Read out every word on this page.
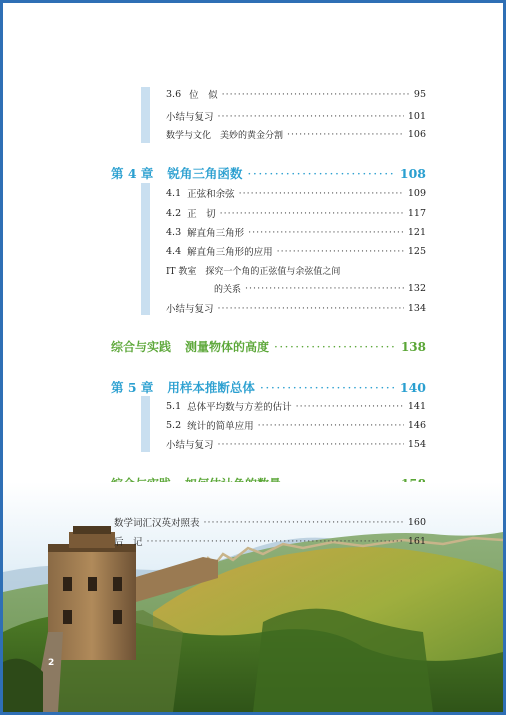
3.6 位　似 ·····	95
小结与复习 ·····	101
数学与文化　美妙的黄金分割 ·····	106
第 4 章 锐角三角函数 ·····	108
4.1 正弦和余弦 ·····	109
4.2 正　切 ·····	117
4.3 解直角三角形 ·····	121
4.4 解直角三角形的应用 ·····	125
IT 教室　探究一个角的正弦值与余弦值之间
的关系 ·····	132
小结与复习 ·····	134
综合与实践 测量物体的高度 ·····	138
第 5 章 用样本推断总体 ·····	140
5.1 总体平均数与方差的估计 ·····	141
5.2 统计的简单应用 ·····	146
小结与复习 ·····	154
·····
数学词汇汉英对照表 ·····	160
后　记 ·····	161
2
